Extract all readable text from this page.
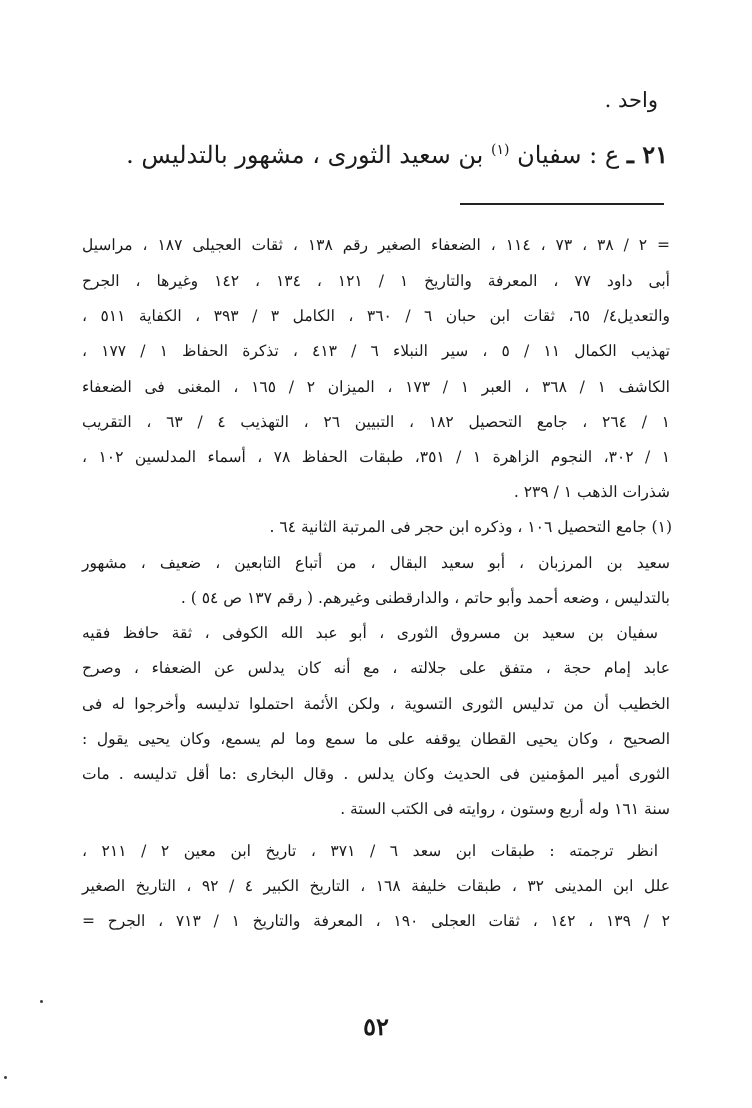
واحد .
٢١ ـ ع : سفيان $^{(١)}$ بن سعيد الثورى ، مشهور بالتدليس .
= ٢ / ٣٨ ، ٧٣ ، ١١٤ ، الضعفاء الصغير رقم ١٣٨ ، ثقات العجيلى ١٨٧ ، مراسيل
أبى داود ٧٧ ، المعرفة والتاريخ ١ / ١٢١ ، ١٣٤ ، ١٤٢ وغيرها ، الجرح
والتعديل٤/ ٦٥، ثقات ابن حبان ٦ / ٣٦٠ ، الكامل ٣ / ٣٩٣ ، الكفاية ٥١١ ،
تهذيب الكمال ١١ / ٥ ، سير النبلاء ٦ / ٤١٣ ، تذكرة الحفاظ ١ / ١٧٧ ،
الكاشف ١ / ٣٦٨ ، العبر ١ / ١٧٣ ، الميزان ٢ / ١٦٥ ، المغنى فى الضعفاء
١ / ٢٦٤ ، جامع التحصيل ١٨٢ ، التبيين ٢٦ ، التهذيب ٤ / ٦٣ ، التقريب
١ / ٣٠٢، النجوم الزاهرة ١ / ٣٥١، طبقات الحفاظ ٧٨ ، أسماء المدلسين ١٠٢ ،
شذرات الذهب ١ / ٢٣٩ .
(١) جامع التحصيل ١٠٦ ، وذكره ابن حجر فى المرتبة الثانية ٦٤ .
سعيد بن المرزبان ، أبو سعيد البقال ، من أتباع التابعين ، ضعيف ، مشهور
بالتدليس ، وضعه أحمد وأبو حاتم ، والدارقطنى وغيرهم. ( رقم ١٣٧ ص ٥٤ ) .
سفيان بن سعيد بن مسروق الثورى ، أبو عبد الله الكوفى ، ثقة حافظ فقيه
عابد إمام حجة ، متفق على جلالته ، مع أنه كان يدلس عن الضعفاء ، وصرح
الخطيب أن من تدليس الثورى التسوية ، ولكن الأئمة احتملوا تدليسه وأخرجوا له فى
الصحيح ، وكان يحيى القطان يوقفه على ما سمع وما لم يسمع، وكان يحيى يقول :
الثورى أمير المؤمنين فى الحديث وكان يدلس . وقال البخارى :ما أقل تدليسه . مات
سنة ١٦١ وله أربع وستون ، روايته فى الكتب الستة .
انظر ترجمته : طبقات ابن سعد ٦ / ٣٧١ ، تاريخ ابن معين ٢ / ٢١١ ،
علل ابن المدينى ٣٢ ، طبقات خليفة ١٦٨ ، التاريخ الكبير ٤ / ٩٢ ، التاريخ الصغير
٢ / ١٣٩ ، ١٤٢ ، ثقات العجلى ١٩٠ ، المعرفة والتاريخ ١ / ٧١٣ ، الجرح =
٥٢
